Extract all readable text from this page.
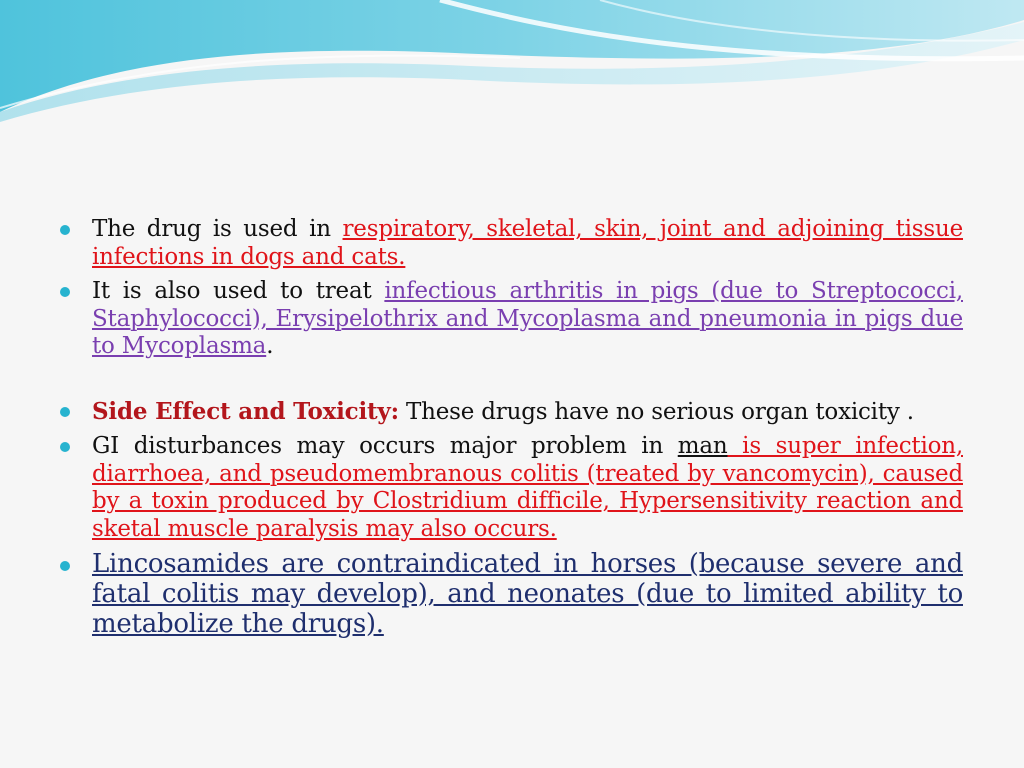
The drug is used in respiratory, skeletal, skin, joint and adjoining tissue infections in dogs and cats.
It is also used to treat infectious arthritis in pigs (due to Streptococci, Staphylococci), Erysipelothrix and Mycoplasma and pneumonia in pigs due to Mycoplasma.
Side Effect and Toxicity: These drugs have no serious organ toxicity .
GI disturbances may occurs major problem in man is super infection, diarrhoea, and pseudomembranous colitis (treated by vancomycin), caused by a toxin produced by Clostridium difficile, Hypersensitivity reaction and sketal muscle paralysis may also occurs.
Lincosamides are contraindicated in horses (because severe and fatal colitis may develop), and neonates (due to limited ability to metabolize the drugs).
